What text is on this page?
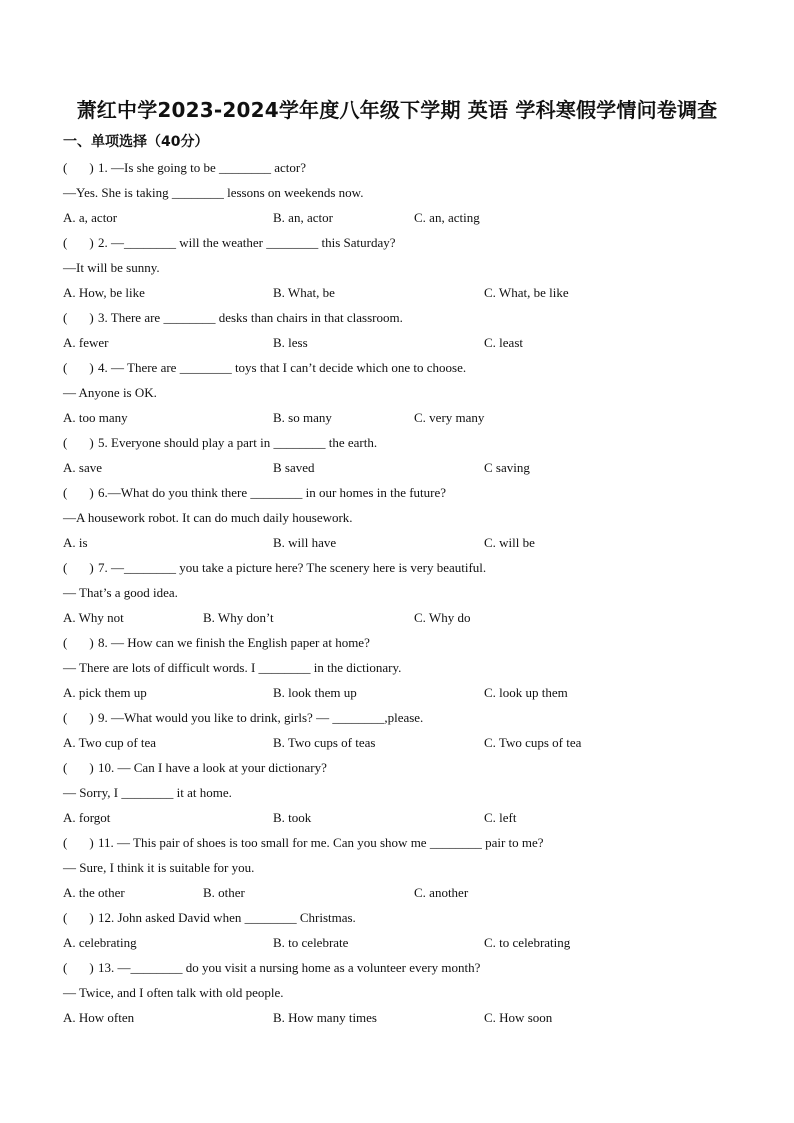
萧红中学2023-2024学年度八年级下学期 英语 学科寒假学情问卷调查
一、单项选择（40分）
( ) 1. —Is she going to be ________ actor?
—Yes. She is taking ________ lessons on weekends now.
A. a, actor	B. an, actor	C. an, acting
( ) 2. —________ will the weather ________ this Saturday?
—It will be sunny.
A. How, be like	B. What, be	C. What, be like
( ) 3. There are ________ desks than chairs in that classroom.
A. fewer	B. less	C. least
( ) 4. — There are ________ toys that I can’t decide which one to choose.
— Anyone is OK.
A. too many	B. so many	C. very many
( ) 5. Everyone should play a part in ________ the earth.
A. save	B saved	C saving
( ) 6.—What do you think there ________ in our homes in the future?
—A housework robot. It can do much daily housework.
A. is	B. will have	C. will be
( ) 7. —________ you take a picture here? The scenery here is very beautiful.
— That’s a good idea.
A. Why not	B. Why don’t	C. Why do
( ) 8. — How can we finish the English paper at home?
— There are lots of difficult words. I ________ in the dictionary.
A. pick them up	B. look them up	C. look up them
( ) 9. —What would you like to drink, girls? — ________,please.
A. Two cup of tea	B. Two cups of teas	C. Two cups of tea
( ) 10. — Can I have a look at your dictionary?
— Sorry, I ________ it at home.
A. forgot	B. took	C. left
( ) 11. — This pair of shoes is too small for me. Can you show me ________ pair to me?
— Sure, I think it is suitable for you.
A. the other	B. other	C. another
( ) 12. John asked David when ________ Christmas.
A. celebrating	B. to celebrate	C. to celebrating
( ) 13. —________ do you visit a nursing home as a volunteer every month?
— Twice, and I often talk with old people.
A. How often	B. How many times	C. How soon
